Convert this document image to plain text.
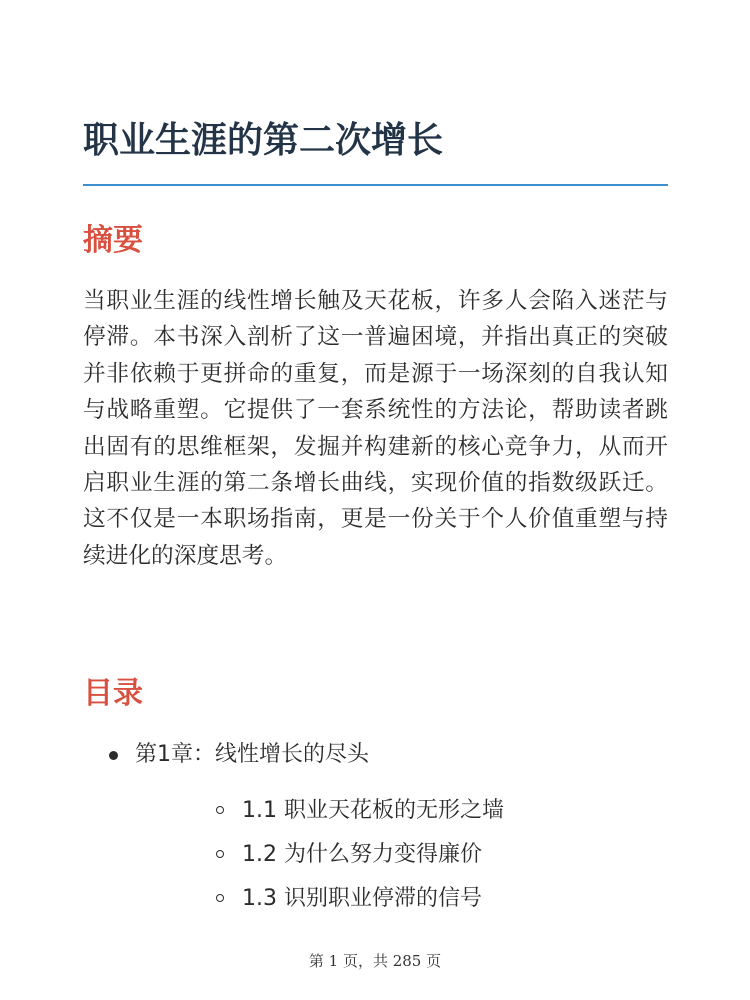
职业生涯的第二次增长
摘要

当职业生涯的线性增长触及天花板，许多人会陷入迷茫与停滞。本书深入剖析了这一普遍困境，并指出真正的突破并非依赖于更拼命的重复，而是源于一场深刻的自我认知与战略重塑。它提供了一套系统性的方法论，帮助读者跳出固有的思维框架，发掘并构建新的核心竞争力，从而开启职业生涯的第二条增长曲线，实现价值的指数级跃迁。这不仅是一本职场指南，更是一份关于个人价值重塑与持续进化的深度思考。

目录
第1章：线性增长的尽头
1.1 职业天花板的无形之墙
1.2 为什么努力变得廉价
1.3 识别职业停滞的信号
第 1 页，共 285 页
